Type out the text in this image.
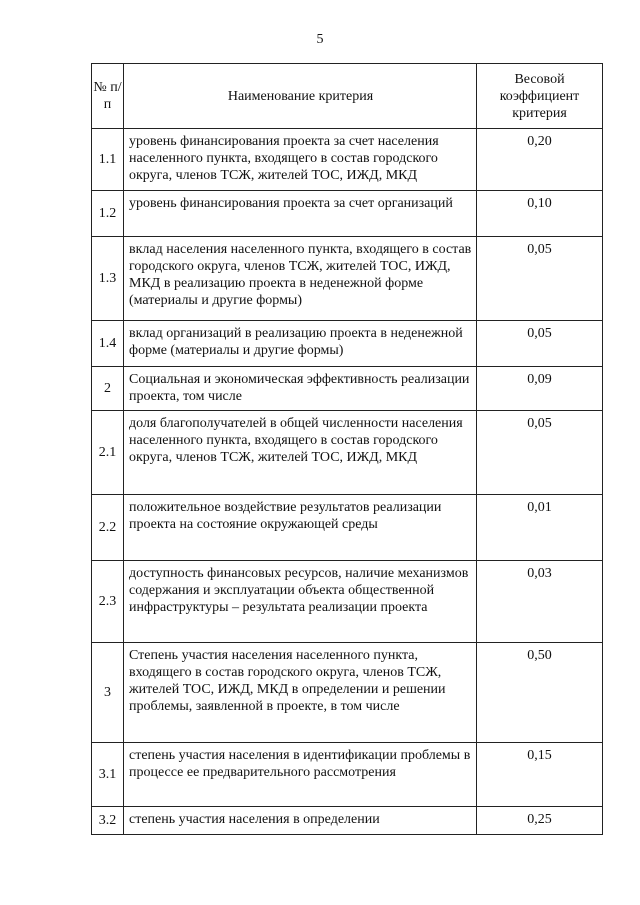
5
№ п/п	Наименование критерия	Весовой коэффициент критерия
1.1	уровень финансирования проекта за счет населения населенного пункта, входящего в состав городского округа, членов ТСЖ, жителей ТОС, ИЖД, МКД	0,20
1.2	уровень финансирования проекта за счет организаций	0,10
1.3	вклад населения населенного пункта, входящего в состав городского округа, членов ТСЖ, жителей ТОС, ИЖД, МКД в реализацию проекта в неденежной форме (материалы и другие формы)	0,05
1.4	вклад организаций в реализацию проекта в неденежной форме (материалы и другие формы)	0,05
2	Социальная и экономическая эффективность реализации проекта, том числе	0,09
2.1	доля благополучателей в общей численности населения населенного пункта, входящего в состав городского округа, членов ТСЖ, жителей ТОС, ИЖД, МКД	0,05
2.2	положительное воздействие результатов реализации проекта на состояние окружающей среды	0,01
2.3	доступность финансовых ресурсов, наличие механизмов содержания и эксплуатации объекта общественной инфраструктуры – результата реализации проекта	0,03
3	Степень участия населения населенного пункта, входящего в состав городского округа, членов ТСЖ, жителей ТОС, ИЖД, МКД в определении и решении проблемы, заявленной в проекте, в том числе	0,50
3.1	степень участия населения в идентификации проблемы в процессе ее предварительного рассмотрения	0,15
3.2	степень участия населения в определении	0,25
